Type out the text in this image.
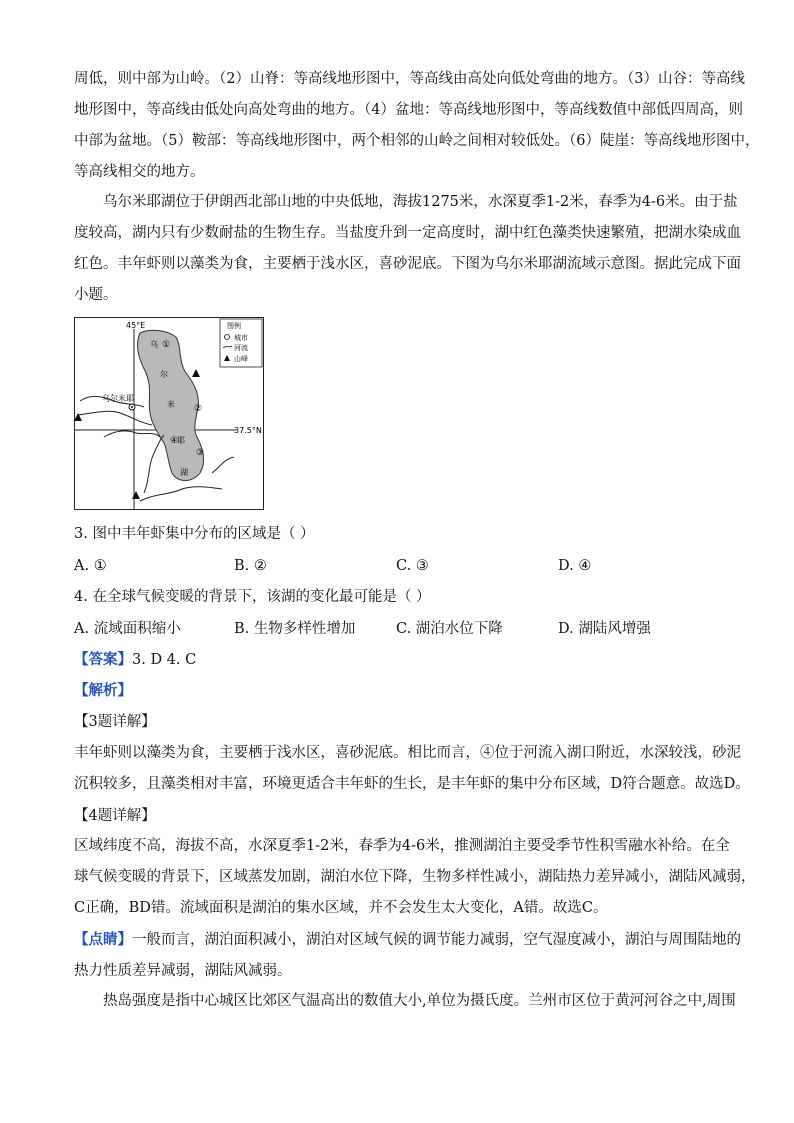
周低，则中部为山岭。（2）山脊：等高线地形图中，等高线由高处向低处弯曲的地方。（3）山谷：等高线
地形图中，等高线由低处向高处弯曲的地方。（4）盆地：等高线地形图中，等高线数值中部低四周高，则
中部为盆地。（5）鞍部：等高线地形图中，两个相邻的山岭之间相对较低处。（6）陡崖：等高线地形图中，
等高线相交的地方。
乌尔米耶湖位于伊朗西北部山地的中央低地，海拔1275米，水深夏季1-2米，春季为4-6米。由于盐
度较高，湖内只有少数耐盐的生物生存。当盐度升到一定高度时，湖中红色藻类快速繁殖，把湖水染成血
红色。丰年虾则以藻类为食，主要栖于浅水区，喜砂泥底。下图为乌尔米耶湖流域示意图。据此完成下面
小题。
45°E
37.5°N
乌尔米耶
乌
尔
米
耶
湖
①
②
③
④
图例
城市
河流
山峰
3. 图中丰年虾集中分布的区域是（ ）
A. ①	B. ②	C. ③	D. ④
4. 在全球气候变暖的背景下，该湖的变化最可能是（ ）
A. 流域面积缩小	B. 生物多样性增加	C. 湖泊水位下降	D. 湖陆风增强
【答案】3. D 4. C
【解析】
【3题详解】
丰年虾则以藻类为食，主要栖于浅水区，喜砂泥底。相比而言，④位于河流入湖口附近，水深较浅，砂泥
沉积较多，且藻类相对丰富，环境更适合丰年虾的生长，是丰年虾的集中分布区域，D符合题意。故选D。
【4题详解】
区域纬度不高，海拔不高，水深夏季1-2米，春季为4-6米，推测湖泊主要受季节性积雪融水补给。在全
球气候变暖的背景下，区域蒸发加剧，湖泊水位下降，生物多样性减小，湖陆热力差异减小，湖陆风减弱，
C正确，BD错。流域面积是湖泊的集水区域，并不会发生太大变化，A错。故选C。
【点睛】一般而言，湖泊面积减小，湖泊对区域气候的调节能力减弱，空气湿度减小，湖泊与周围陆地的
热力性质差异减弱，湖陆风减弱。
热岛强度是指中心城区比郊区气温高出的数值大小,单位为摄氏度。兰州市区位于黄河河谷之中,周围
